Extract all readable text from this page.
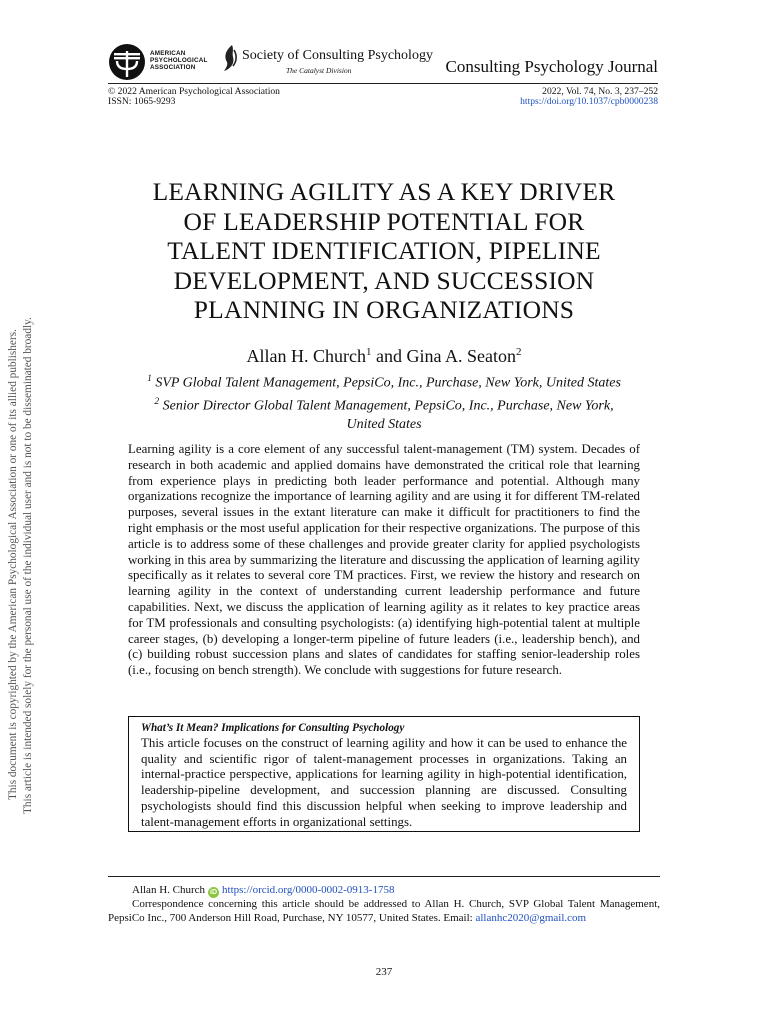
This document is copyrighted by the American Psychological Association or one of its allied publishers. This article is intended solely for the personal use of the individual user and is not to be disseminated broadly.
AMERICAN
PSYCHOLOGICAL
ASSOCIATION
Society of Consulting Psychology
The Catalyst Division	Consulting Psychology Journal
© 2022 American Psychological Association
ISSN: 1065-9293
2022, Vol. 74, No. 3, 237–252
https://doi.org/10.1037/cpb0000238
LEARNING AGILITY AS A KEY DRIVER
OF LEADERSHIP POTENTIAL FOR
TALENT IDENTIFICATION, PIPELINE
DEVELOPMENT, AND SUCCESSION
PLANNING IN ORGANIZATIONS
Allan H. Church$^1$ and Gina A. Seaton$^2$
$^1$ SVP Global Talent Management, PepsiCo, Inc., Purchase, New York, United States
$^2$ Senior Director Global Talent Management, PepsiCo, Inc., Purchase, New York, United States
Learning agility is a core element of any successful talent-management (TM) system. Decades of research in both academic and applied domains have demonstrated the critical role that learning from experience plays in predicting both leader performance and potential. Although many organizations recognize the importance of learning agility and are using it for different TM-related purposes, several issues in the extant literature can make it difficult for practitioners to find the right emphasis or the most useful application for their respective organizations. The purpose of this article is to address some of these challenges and provide greater clarity for applied psychologists working in this area by summarizing the literature and discussing the application of learning agility specifically as it relates to several core TM practices. First, we review the history and research on learning agility in the context of understanding current leadership performance and future capabilities. Next, we discuss the application of learning agility as it relates to key practice areas for TM professionals and consulting psychologists: (a) identifying high-potential talent at multiple career stages, (b) developing a longer-term pipeline of future leaders (i.e., leadership bench), and (c) building robust succession plans and slates of candidates for staffing senior-leadership roles (i.e., focusing on bench strength). We conclude with suggestions for future research.
What’s It Mean? Implications for Consulting Psychology
This article focuses on the construct of learning agility and how it can be used to enhance the quality and scientific rigor of talent-management processes in organizations. Taking an internal-practice perspective, applications for learning agility in high-potential identification, leadership-pipeline development, and succession planning are discussed. Consulting psychologists should find this discussion helpful when seeking to improve leadership and talent-management efforts in organizational settings.
Allan H. Church iD https://orcid.org/0000-0002-0913-1758
Correspondence concerning this article should be addressed to Allan H. Church, SVP Global Talent Management, PepsiCo Inc., 700 Anderson Hill Road, Purchase, NY 10577, United States. Email: allanhc2020@gmail.com
237
